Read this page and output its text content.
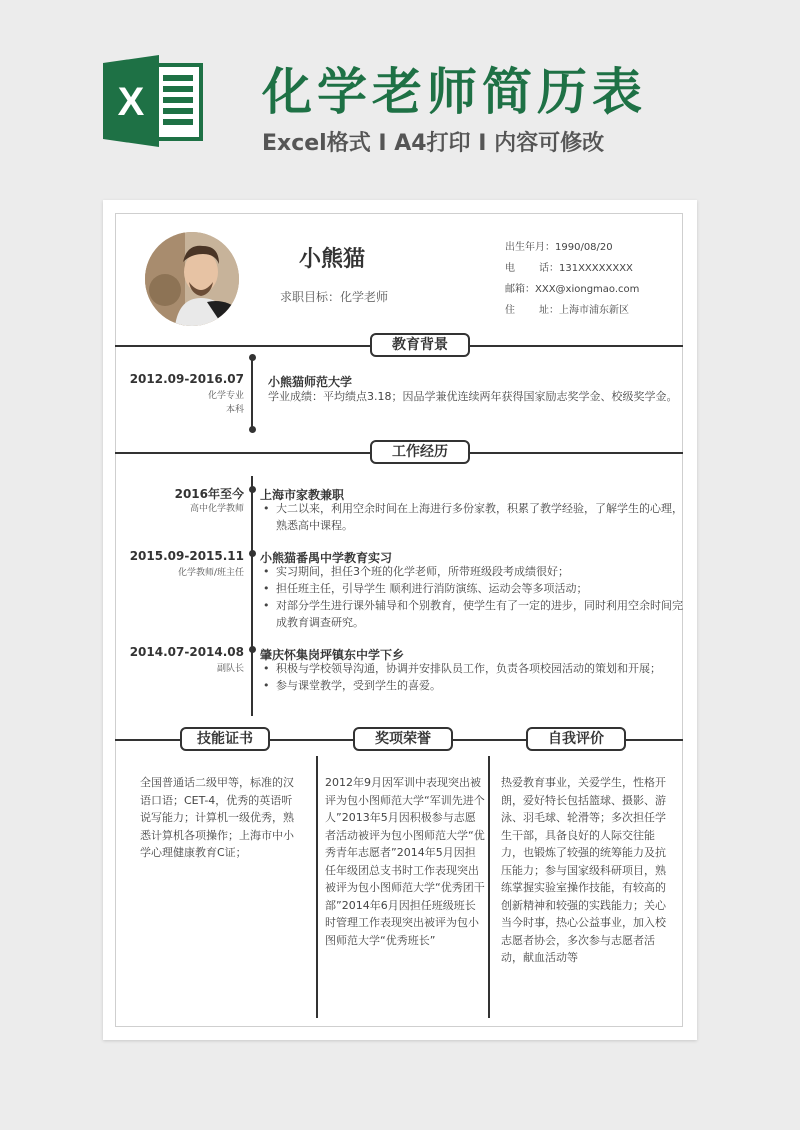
X 化学老师简历表
Excel格式 I A4打印 I 内容可修改
小熊猫
求职目标：化学老师
出生年月：1990/08/20
电 话：131XXXXXXXX
邮箱：XXX@xiongmao.com
住 址：上海市浦东新区
教育背景
2012.09-2016.07
化学专业
本科
小熊猫师范大学
学业成绩：平均绩点3.18；因品学兼优连续两年获得国家励志奖学金、校级奖学金。
工作经历
2016年至今
高中化学教师
上海市家教兼职
• 大二以来，利用空余时间在上海进行多份家教，积累了教学经验，了解学生的心理，熟悉高中课程。
2015.09-2015.11
化学教师/班主任
小熊猫番禺中学教育实习
• 实习期间，担任3个班的化学老师，所带班级段考成绩很好；
• 担任班主任，引导学生 顺利进行消防演练、运动会等多项活动；
• 对部分学生进行课外辅导和个别教育，使学生有了一定的进步，同时利用空余时间完成教育调查研究。
2014.07-2014.08
副队长
肇庆怀集岗坪镇东中学下乡
• 积极与学校领导沟通，协调并安排队员工作，负责各项校园活动的策划和开展；
• 参与课堂教学，受到学生的喜爱。
技能证书	奖项荣誉	自我评价
全国普通话二级甲等，标准的汉语口语；CET-4，优秀的英语听说写能力；计算机一级优秀，熟悉计算机各项操作；上海市中小学心理健康教育C证；
2012年9月因军训中表现突出被评为包小图师范大学“军训先进个人”2013年5月因积极参与志愿者活动被评为包小图师范大学“优秀青年志愿者”2014年5月因担任年级团总支书时工作表现突出被评为包小图师范大学“优秀团干部”2014年6月因担任班级班长时管理工作表现突出被评为包小图师范大学“优秀班长”
热爱教育事业，关爱学生，性格开朗，爱好特长包括篮球、摄影、游泳、羽毛球、轮滑等；多次担任学生干部，具备良好的人际交往能力，也锻炼了较强的统筹能力及抗压能力；参与国家级科研项目，熟练掌握实验室操作技能，有较高的创新精神和较强的实践能力；关心当今时事，热心公益事业，加入校志愿者协会，多次参与志愿者活动，献血活动等
